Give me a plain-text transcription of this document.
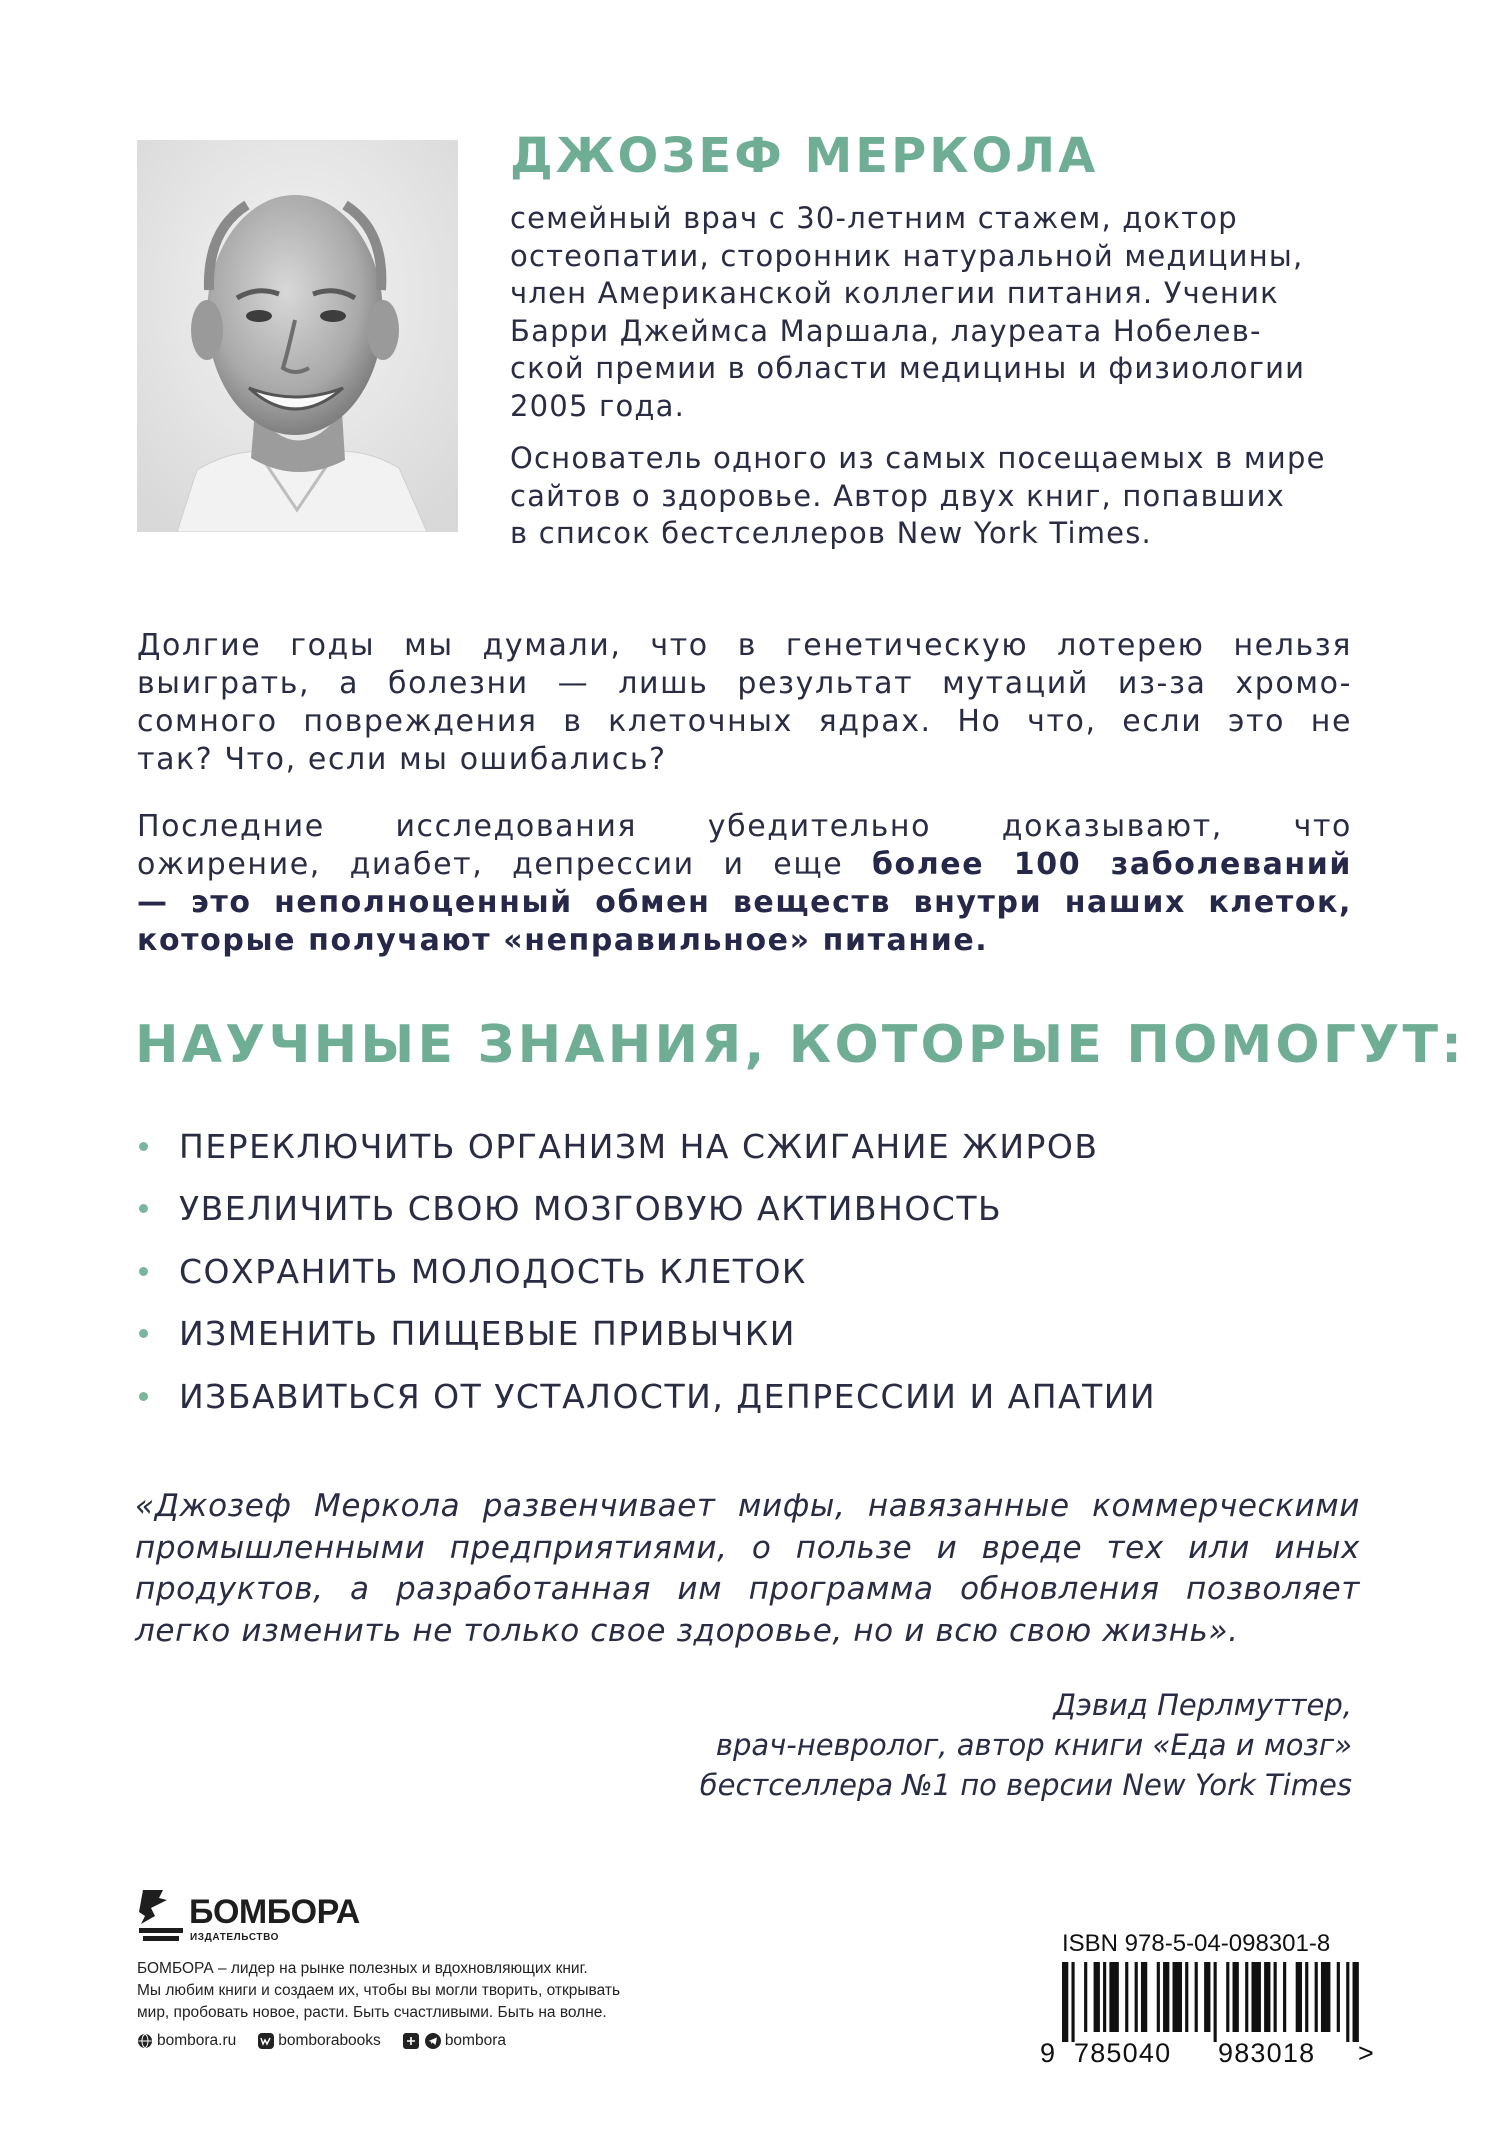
ДЖОЗЕФ МЕРКОЛА

семейный врач с 30-летним стажем, доктор
остеопатии, сторонник натуральной медицины,
член Американской коллегии питания. Ученик
Барри Джеймса Маршала, лауреата Нобелев-
ской премии в области медицины и физиологии
2005 года.

Основатель одного из самых посещаемых в мире
сайтов о здоровье. Автор двух книг, попавших
в список бестселлеров New York Times.

Долгие годы мы думали, что в генетическую лотерею нельзя
выиграть, а болезни — лишь результат мутаций из-за хромо-
сомного повреждения в клеточных ядрах. Но что, если это не
так? Что, если мы ошибались?

Последние исследования убедительно доказывают, что
ожирение, диабет, депрессии и еще более 100 заболеваний
— это неполноценный обмен веществ внутри наших клеток,
которые получают «неправильное» питание.

НАУЧНЫЕ ЗНАНИЯ, КОТОРЫЕ ПОМОГУТ:
ПЕРЕКЛЮЧИТЬ ОРГАНИЗМ НА СЖИГАНИЕ ЖИРОВ
УВЕЛИЧИТЬ СВОЮ МОЗГОВУЮ АКТИВНОСТЬ
СОХРАНИТЬ МОЛОДОСТЬ КЛЕТОК
ИЗМЕНИТЬ ПИЩЕВЫЕ ПРИВЫЧКИ
ИЗБАВИТЬСЯ ОТ УСТАЛОСТИ, ДЕПРЕССИИ И АПАТИИ

«Джозеф Меркола развенчивает мифы, навязанные коммерческими
промышленными предприятиями, о пользе и вреде тех или иных
продуктов, а разработанная им программа обновления позволяет
легко изменить не только свое здоровье, но и всю свою жизнь».

Дэвид Перлмуттер,
врач-невролог, автор книги «Еда и мозг»
бестселлера №1 по версии New York Times

БОМБОРА
ИЗДАТЕЛЬСТВО

БОМБОРА – лидер на рынке полезных и вдохновляющих книг.
Мы любим книги и создаем их, чтобы вы могли творить, открывать
мир, пробовать новое, расти. Быть счастливыми. Быть на волне.

bombora.ru	bomborabooks	bombora
ISBN 978-5-04-098301-8
9 785040 983018 >
